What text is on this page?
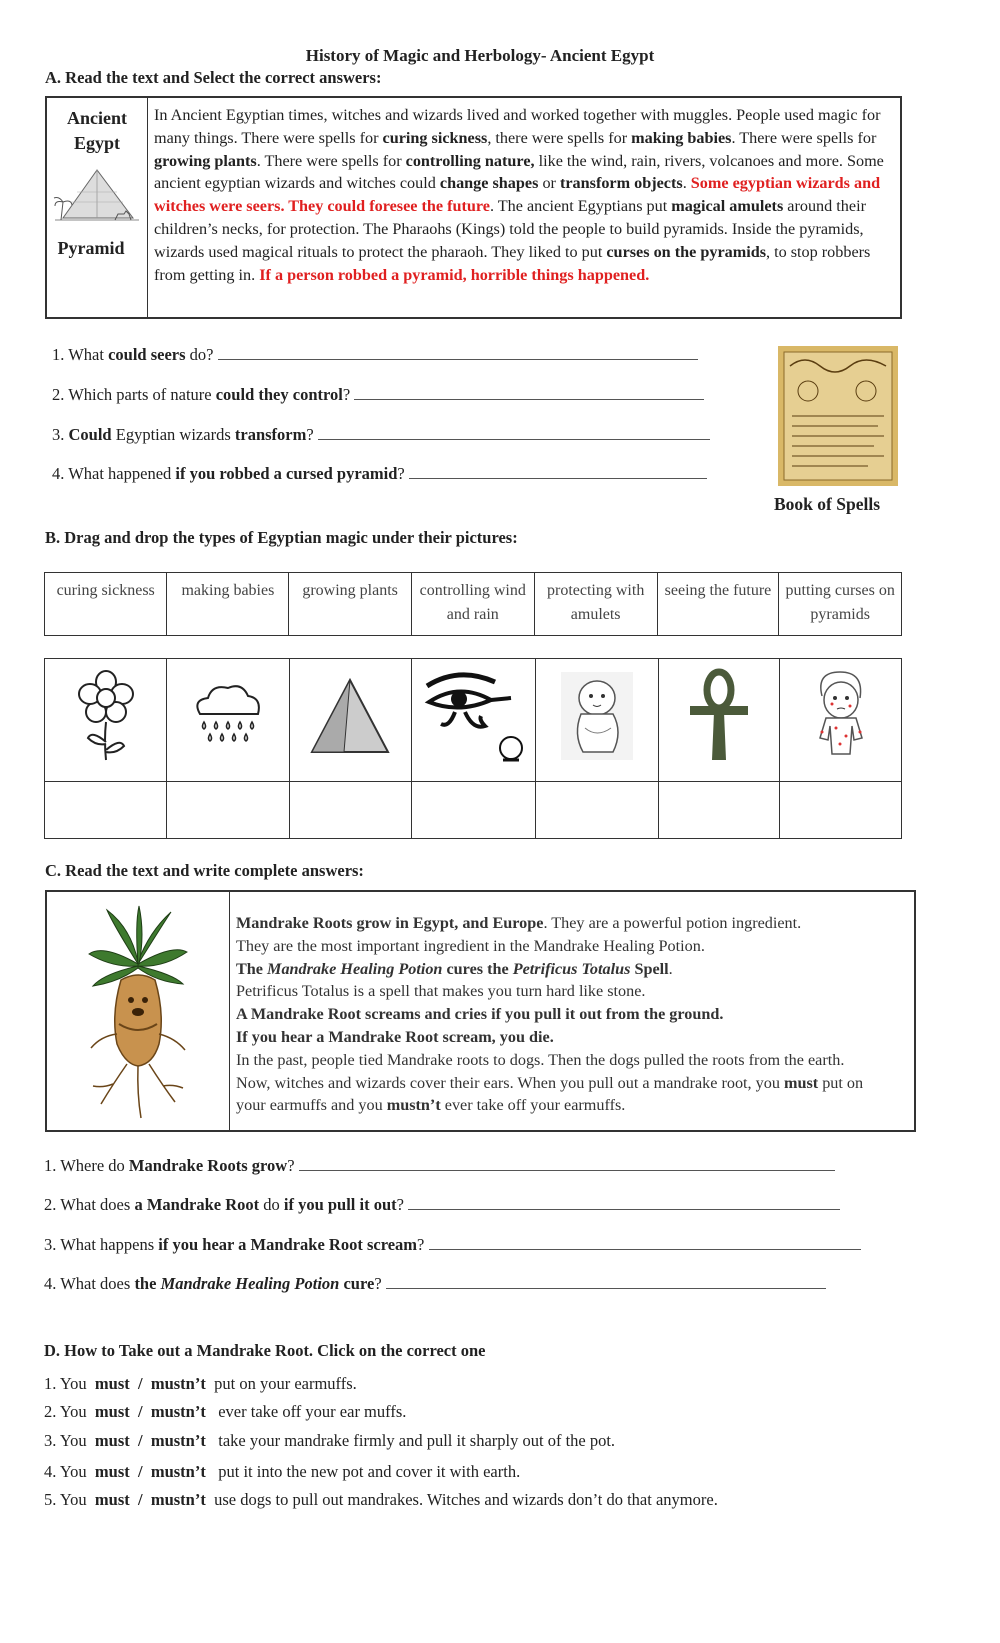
History of Magic and Herbology- Ancient Egypt
A. Read the text and Select the correct answers:
Ancient
Egypt
Pyramid
In Ancient Egyptian times, witches and wizards lived and worked together with muggles. People used magic for many things. There were spells for curing sickness, there were spells for making babies. There were spells for growing plants. There were spells for controlling nature, like the wind, rain, rivers, volcanoes and more. Some ancient egyptian wizards and witches could change shapes or transform objects. Some egyptian wizards and witches were seers. They could foresee the future. The ancient Egyptians put magical amulets around their children’s necks, for protection. The Pharaohs (Kings) told the people to build pyramids. Inside the pyramids, wizards used magical rituals to protect the pharaoh. They liked to put curses on the pyramids, to stop robbers from getting in. If a person robbed a pyramid, horrible things happened.
1. What could seers do?
2. Which parts of nature could they control?
3. Could Egyptian wizards transform?
4. What happened if you robbed a cursed pyramid?
Book of Spells
B. Drag and drop the types of Egyptian magic under their pictures:
curing sickness	making babies	growing plants	controlling wind and rain	protecting with amulets	seeing the future	putting curses on pyramids

C. Read the text and write complete answers:
Mandrake Roots grow in Egypt, and Europe. They are a powerful potion ingredient.
They are the most important ingredient in the Mandrake Healing Potion.
The Mandrake Healing Potion cures the Petrificus Totalus Spell.
Petrificus Totalus is a spell that makes you turn hard like stone.
A Mandrake Root screams and cries if you pull it out from the ground.
If you hear a Mandrake Root scream, you die.
In the past, people tied Mandrake roots to dogs. Then the dogs pulled the roots from the earth.
Now, witches and wizards cover their ears. When you pull out a mandrake root, you must put on
your earmuffs and you mustn’t ever take off your earmuffs.
1. Where do Mandrake Roots grow?
2. What does a Mandrake Root do if you pull it out?
3. What happens if you hear a Mandrake Root scream?
4. What does the Mandrake Healing Potion cure?
D. How to Take out a Mandrake Root. Click on the correct one
1. You must / mustn’t put on your earmuffs.
2. You must / mustn’t ever take off your ear muffs.
3. You must / mustn’t take your mandrake firmly and pull it sharply out of the pot.
4. You must / mustn’t put it into the new pot and cover it with earth.
5. You must / mustn’t use dogs to pull out mandrakes. Witches and wizards don’t do that anymore.
